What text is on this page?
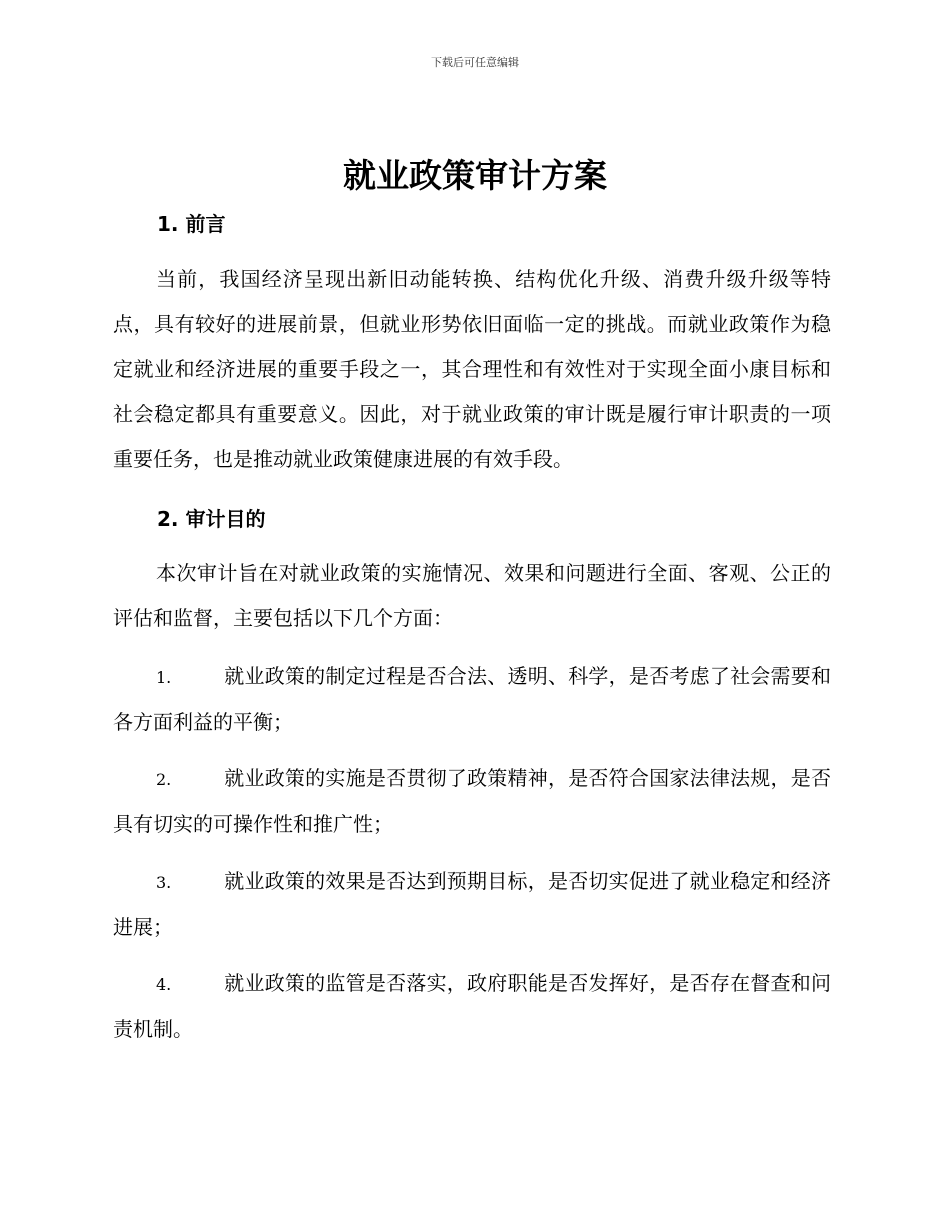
下载后可任意编辑
就业政策审计方案
1. 前言

当前，我国经济呈现出新旧动能转换、结构优化升级、消费升级升级等特点，具有较好的进展前景，但就业形势依旧面临一定的挑战。而就业政策作为稳定就业和经济进展的重要手段之一，其合理性和有效性对于实现全面小康目标和社会稳定都具有重要意义。因此，对于就业政策的审计既是履行审计职责的一项重要任务，也是推动就业政策健康进展的有效手段。

2. 审计目的

本次审计旨在对就业政策的实施情况、效果和问题进行全面、客观、公正的评估和监督，主要包括以下几个方面：

1.	就业政策的制定过程是否合法、透明、科学，是否考虑了社会需要和各方面利益的平衡；

2.	就业政策的实施是否贯彻了政策精神，是否符合国家法律法规，是否具有切实的可操作性和推广性；

3.	就业政策的效果是否达到预期目标，是否切实促进了就业稳定和经济进展；

4.	就业政策的监管是否落实，政府职能是否发挥好，是否存在督查和问责机制。
